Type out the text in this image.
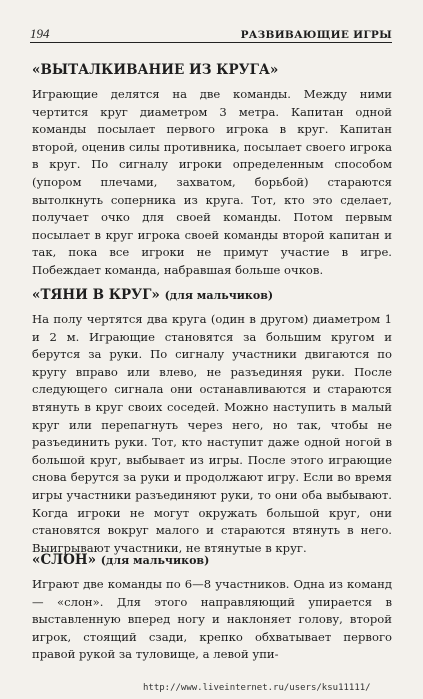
194	РАЗВИВАЮЩИЕ ИГРЫ
«ВЫТАЛКИВАНИЕ ИЗ КРУГА»

Играющие делятся на две команды. Между ними чертится круг диаметром 3 метра. Капитан одной команды посылает первого игрока в круг. Капитан второй, оценив силы противника, посылает своего игрока в круг. По сигналу игроки определенным способом (упором плечами, захватом, борьбой) стараются вытолкнуть соперника из круга. Тот, кто это сделает, получает очко для своей команды. Потом первым посылает в круг игрока своей команды второй капитан и так, пока все игроки не примут участие в игре. Побеждает команда, набравшая больше очков.

«ТЯНИ В КРУГ» (для мальчиков)

На полу чертятся два круга (один в другом) диаметром 1 и 2 м. Играющие становятся за большим кругом и берутся за руки. По сигналу участники двигаются по кругу вправо или влево, не разъединяя руки. После следующего сигнала они останавливаются и стараются втянуть в круг своих соседей. Можно наступить в малый круг или перепагнуть через него, но так, чтобы не разъединить руки. Тот, кто наступит даже одной ногой в большой круг, выбывает из игры. После этого играющие снова берутся за руки и продолжают игру. Если во время игры участники разъединяют руки, то они оба выбывают. Когда игроки не могут окружать большой круг, они становятся вокруг малого и стараются втянуть в него. Выигрывают участники, не втянутые в круг.

«СЛОН» (для мальчиков)

Играют две команды по 6—8 участников. Одна из команд — «слон». Для этого направляющий упирается в выставленную вперед ногу и наклоняет голову, второй игрок, стоящий сзади, крепко обхватывает первого правой рукой за туловище, а левой упи-

http://www.liveinternet.ru/users/ksu11111/
